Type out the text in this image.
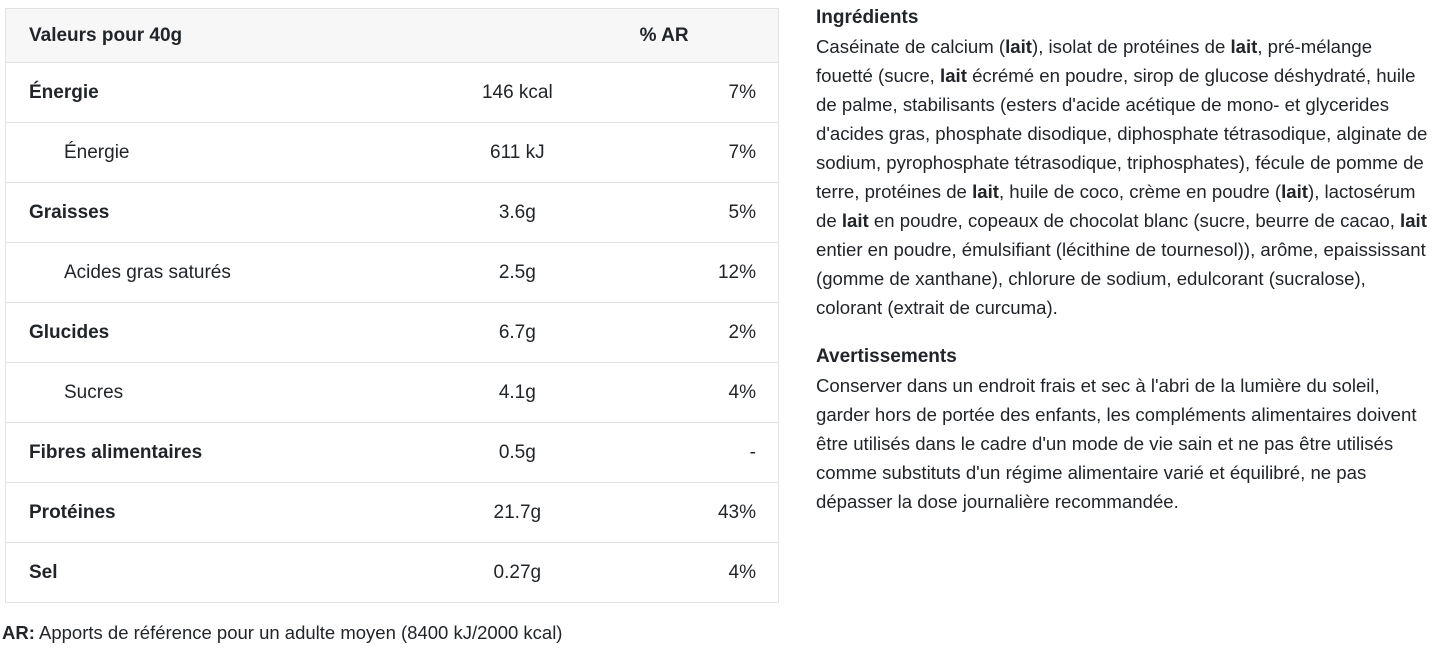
Valeurs pour 40g		% AR
Énergie	146 kcal	7%
Énergie	611 kJ	7%
Graisses	3.6g	5%
Acides gras saturés	2.5g	12%
Glucides	6.7g	2%
Sucres	4.1g	4%
Fibres alimentaires	0.5g	-
Protéines	21.7g	43%
Sel	0.27g	4%

AR: Apports de référence pour un adulte moyen (8400 kJ/2000 kcal)

Ingrédients

Caséinate de calcium (lait), isolat de protéines de lait, pré-mélange fouetté (sucre, lait écrémé en poudre, sirop de glucose déshydraté, huile de palme, stabilisants (esters d'acide acétique de mono- et glycerides d'acides gras, phosphate disodique, diphosphate tétrasodique, alginate de sodium, pyrophosphate tétrasodique, triphosphates), fécule de pomme de terre, protéines de lait, huile de coco, crème en poudre (lait), lactosérum de lait en poudre, copeaux de chocolat blanc (sucre, beurre de cacao, lait entier en poudre, émulsifiant (lécithine de tournesol)), arôme, epaississant (gomme de xanthane), chlorure de sodium, edulcorant (sucralose), colorant (extrait de curcuma).

Avertissements

Conserver dans un endroit frais et sec à l'abri de la lumière du soleil, garder hors de portée des enfants, les compléments alimentaires doivent être utilisés dans le cadre d'un mode de vie sain et ne pas être utilisés comme substituts d'un régime alimentaire varié et équilibré, ne pas dépasser la dose journalière recommandée.
